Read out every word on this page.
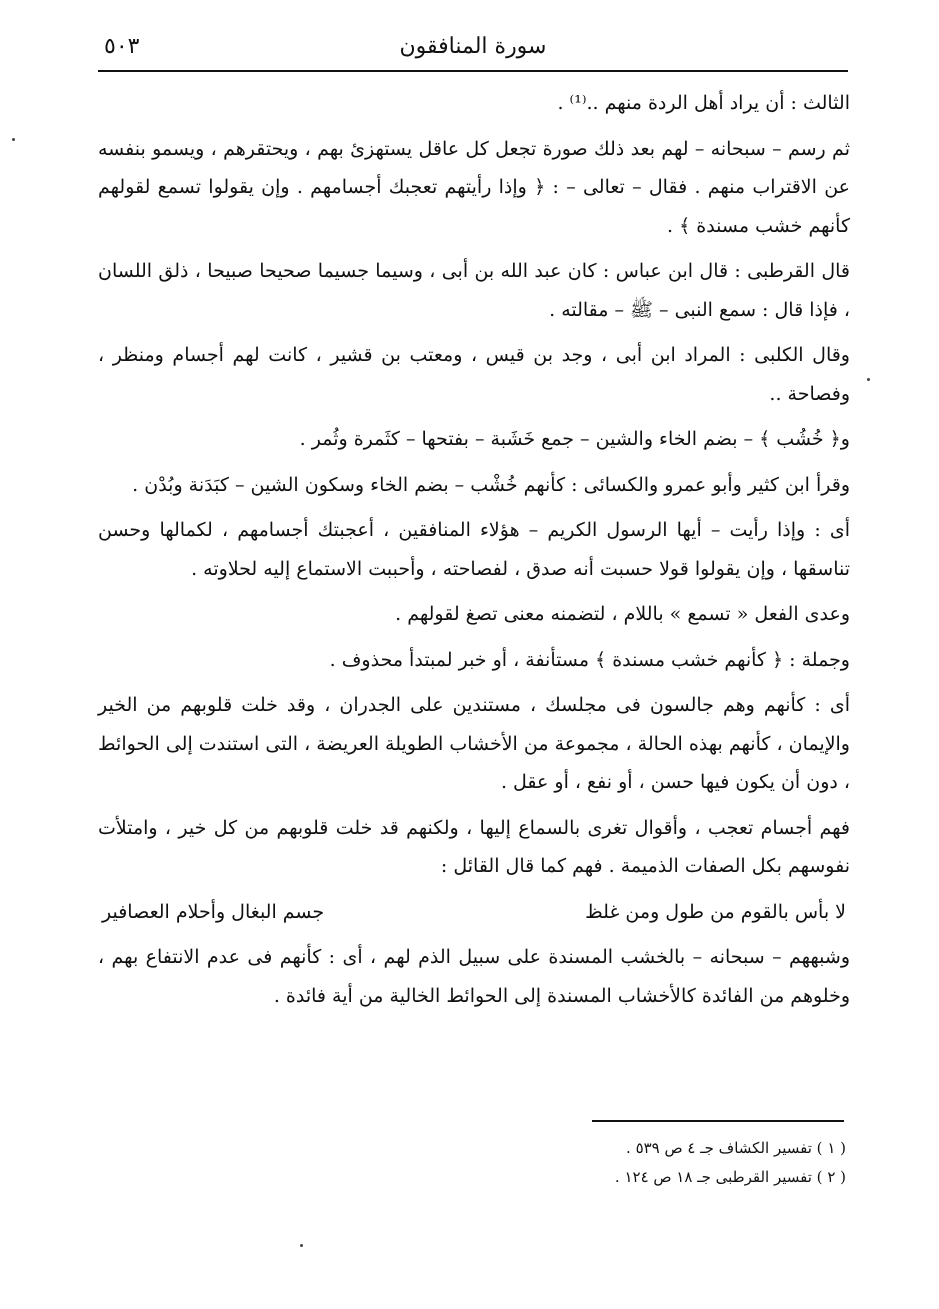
سورة المنافقون
٥٠٣

الثالث : أن يراد أهل الردة منهم ..⁽¹⁾ .

ثم رسم – سبحانه – لهم بعد ذلك صورة تجعل كل عاقل يستهزئ بهم ، ويحتقرهم ، ويسمو بنفسه عن الاقتراب منهم . فقال – تعالى – : ﴿ وإذا رأيتهم تعجبك أجسامهم . وإن يقولوا تسمع لقولهم كأنهم خشب مسندة ﴾ .

قال القرطبى : قال ابن عباس : كان عبد الله بن أبى ، وسيما جسيما صحيحا صبيحا ، ذلق اللسان ، فإذا قال : سمع النبى – ﷺ – مقالته .

وقال الكلبى : المراد ابن أبى ، وجد بن قيس ، ومعتب بن قشير ، كانت لهم أجسام ومنظر ، وفصاحة ..

و﴿ خُشُب ﴾ – بضم الخاء والشين – جمع خَشَبة – بفتحها – كثَمرة وثُمر .

وقرأ ابن كثير وأبو عمرو والكسائى : كأنهم خُشْب – بضم الخاء وسكون الشين – كبَدَنة وبُدْن .

أى : وإذا رأيت – أيها الرسول الكريم – هؤلاء المنافقين ، أعجبتك أجسامهم ، لكمالها وحسن تناسقها ، وإن يقولوا قولا حسبت أنه صدق ، لفصاحته ، وأحببت الاستماع إليه لحلاوته .

وعدى الفعل « تسمع » باللام ، لتضمنه معنى تصغ لقولهم .

وجملة : ﴿ كأنهم خشب مسندة ﴾ مستأنفة ، أو خبر لمبتدأ محذوف .

أى : كأنهم وهم جالسون فى مجلسك ، مستندين على الجدران ، وقد خلت قلوبهم من الخير والإيمان ، كأنهم بهذه الحالة ، مجموعة من الأخشاب الطويلة العريضة ، التى استندت إلى الحوائط ، دون أن يكون فيها حسن ، أو نفع ، أو عقل .

فهم أجسام تعجب ، وأقوال تغرى بالسماع إليها ، ولكنهم قد خلت قلوبهم من كل خير ، وامتلأت نفوسهم بكل الصفات الذميمة . فهم كما قال القائل :

لا بأس بالقوم من طول ومن غلظ
جسم البغال وأحلام العصافير

وشبههم – سبحانه – بالخشب المسندة على سبيل الذم لهم ، أى : كأنهم فى عدم الانتفاع بهم ، وخلوهم من الفائدة كالأخشاب المسندة إلى الحوائط الخالية من أية فائدة .

( ١ ) تفسير الكشاف جـ ٤ ص ٥٣٩ .
( ٢ ) تفسير القرطبى جـ ١٨ ص ١٢٤ .
